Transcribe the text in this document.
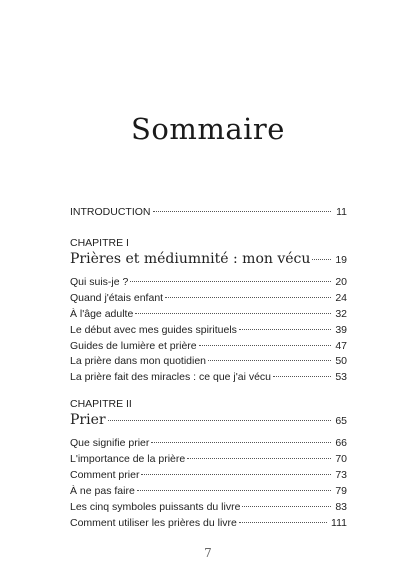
Sommaire
INTRODUCTION	11
CHAPITRE I
Prières et médiumnité : mon vécu 19
Qui suis-je ?	20
Quand j'étais enfant	24
À l'âge adulte	32
Le début avec mes guides spirituels	39
Guides de lumière et prière	47
La prière dans mon quotidien	50
La prière fait des miracles : ce que j'ai vécu	53
CHAPITRE II
Prier	65
Que signifie prier	66
L'importance de la prière	70
Comment prier	73
À ne pas faire	79
Les cinq symboles puissants du livre	83
Comment utiliser les prières du livre	111
7
